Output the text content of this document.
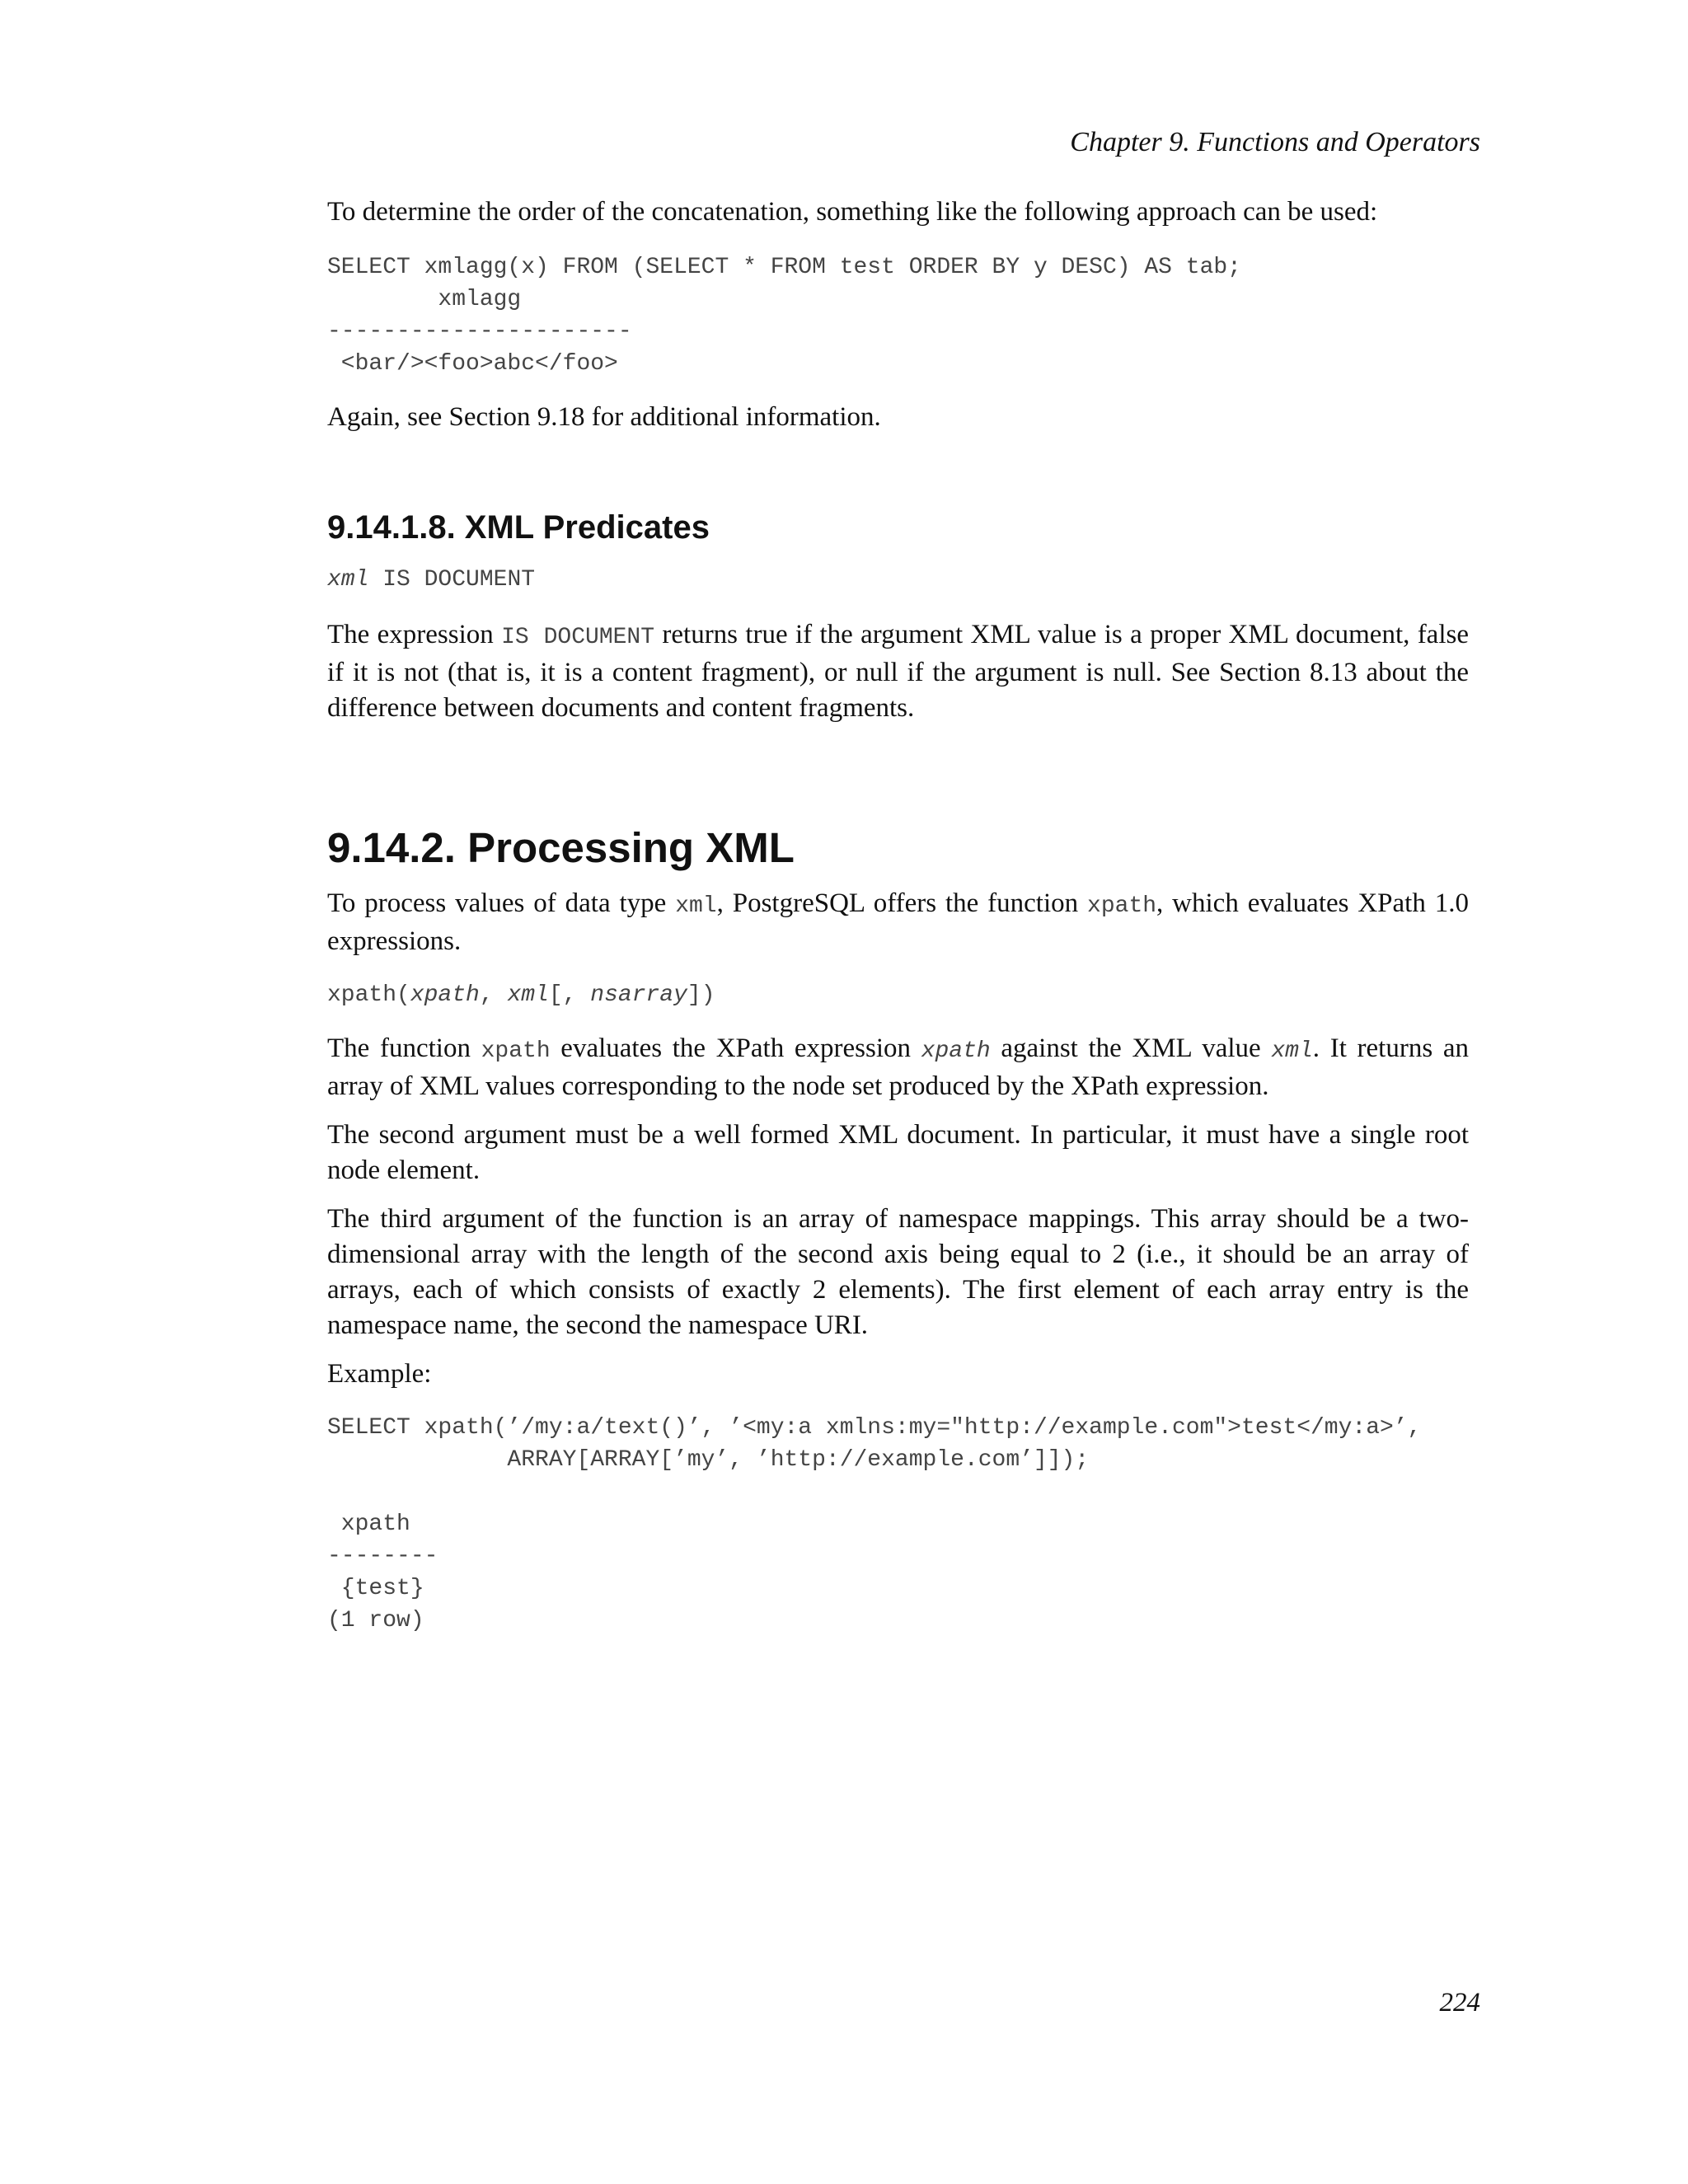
Chapter 9. Functions and Operators

To determine the order of the concatenation, something like the following approach can be used:

SELECT xmlagg(x) FROM (SELECT * FROM test ORDER BY y DESC) AS tab;
xmlagg
----------------------
<bar/><foo>abc</foo>

Again, see Section 9.18 for additional information.

9.14.1.8. XML Predicates
xml IS DOCUMENT

The expression IS DOCUMENT returns true if the argument XML value is a proper XML document, false if it is not (that is, it is a content fragment), or null if the argument is null. See Section 8.13 about the difference between documents and content fragments.

9.14.2. Processing XML

To process values of data type xml, PostgreSQL offers the function xpath, which evaluates XPath 1.0 expressions.

xpath(xpath, xml[, nsarray])

The function xpath evaluates the XPath expression xpath against the XML value xml. It returns an array of XML values corresponding to the node set produced by the XPath expression.

The second argument must be a well formed XML document. In particular, it must have a single root node element.

The third argument of the function is an array of namespace mappings. This array should be a two-dimensional array with the length of the second axis being equal to 2 (i.e., it should be an array of arrays, each of which consists of exactly 2 elements). The first element of each array entry is the namespace name, the second the namespace URI.

Example:

SELECT xpath(’/my:a/text()’, ’<my:a xmlns:my="http://example.com">test</my:a>’,
ARRAY[ARRAY[’my’, ’http://example.com’]]);

xpath
--------
{test}
(1 row)
224
